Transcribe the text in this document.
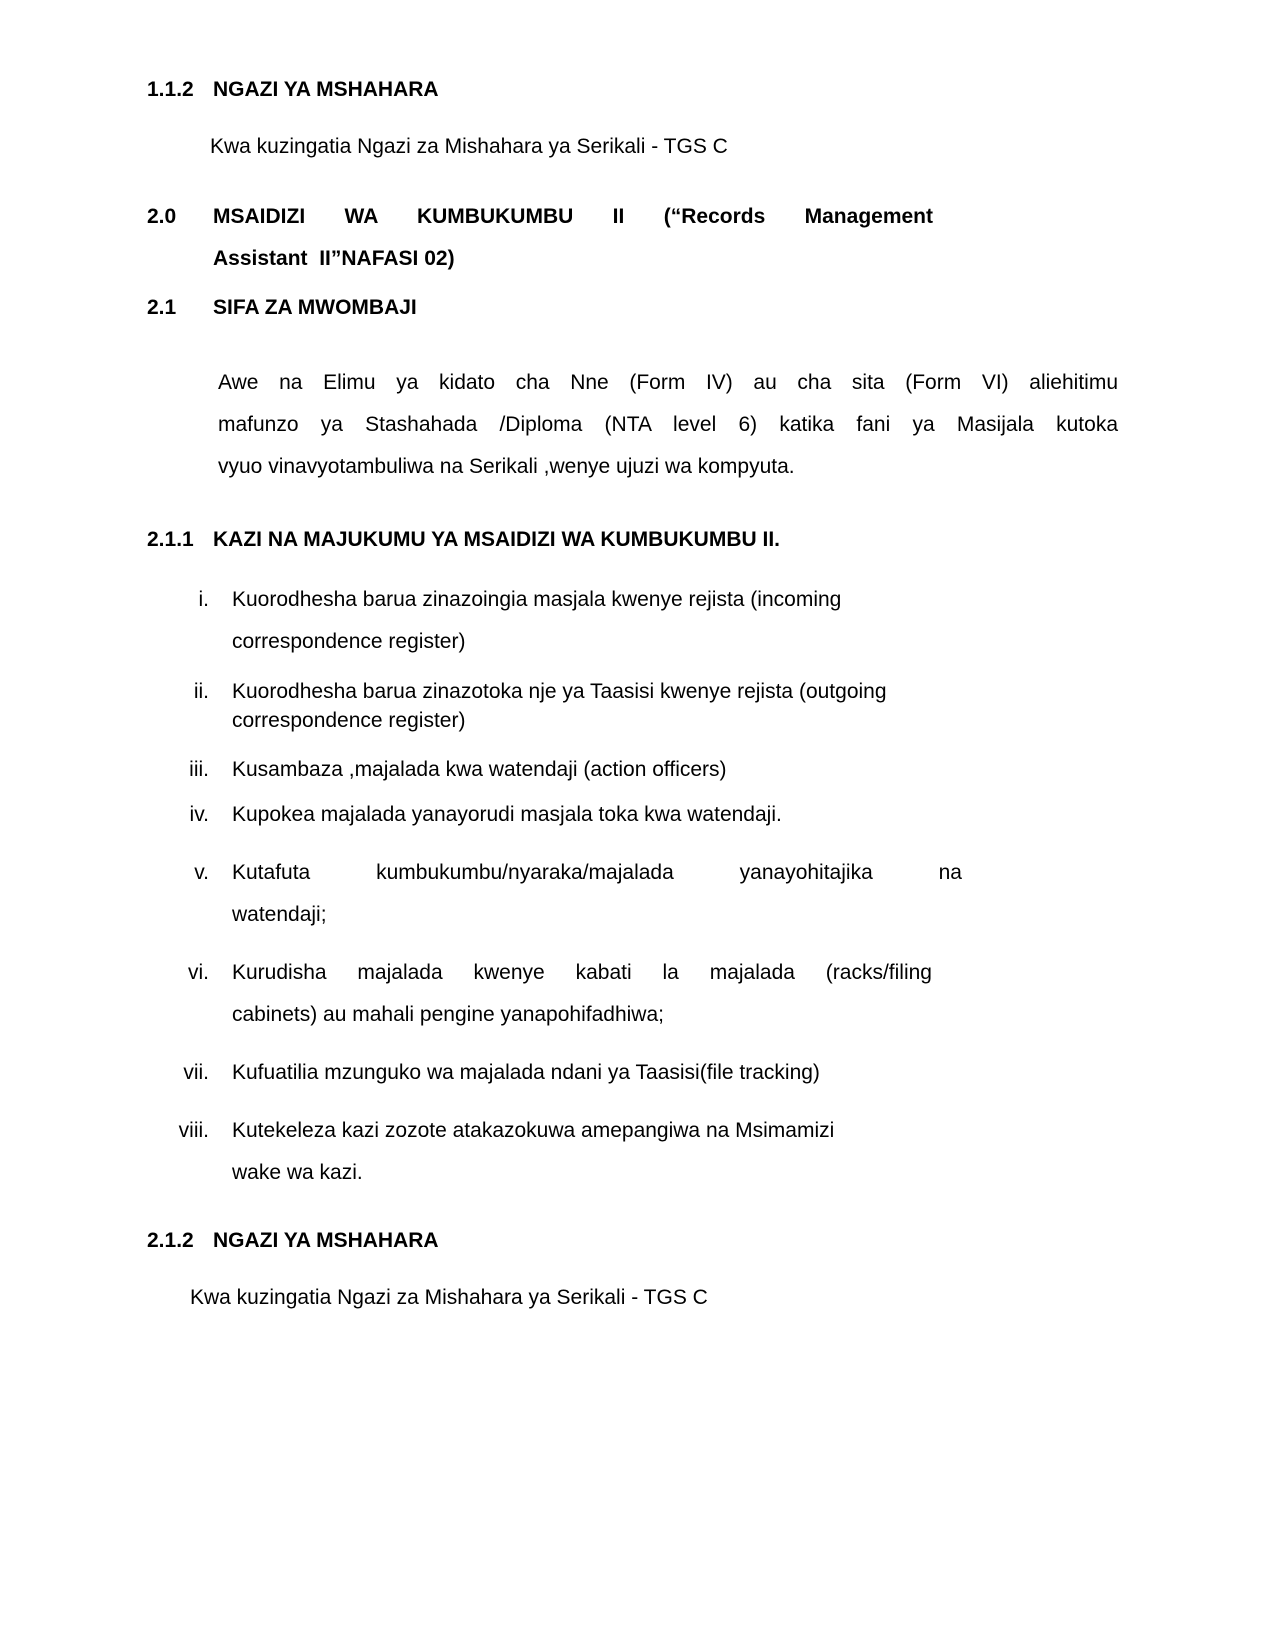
1.1.2 NGAZI YA MSHAHARA
Kwa kuzingatia Ngazi za Mishahara ya Serikali - TGS C
2.0	MSAIDIZI WA KUMBUKUMBU II (“Records Management
Assistant  II”NAFASI 02)
2.1	SIFA ZA MWOMBAJI
Awe na Elimu ya kidato cha Nne (Form IV) au cha sita (Form VI) aliehitimu
mafunzo ya Stashahada /Diploma (NTA level 6) katika fani ya Masijala kutoka
vyuo vinavyotambuliwa na Serikali ,wenye ujuzi wa kompyuta.
2.1.1 KAZI NA MAJUKUMU YA MSAIDIZI WA KUMBUKUMBU II.
i. Kuorodhesha barua zinazoingia masjala kwenye rejista (incoming
correspondence register)
ii. Kuorodhesha barua zinazotoka nje ya Taasisi kwenye rejista (outgoing
correspondence register)
iii. Kusambaza ,majalada kwa watendaji (action officers)
iv. Kupokea majalada yanayorudi masjala toka kwa watendaji.
v. Kutafuta kumbukumbu/nyaraka/majalada yanayohitajika na
watendaji;
vi. Kurudisha majalada kwenye kabati la majalada (racks/filing
cabinets) au mahali pengine yanapohifadhiwa;
vii. Kufuatilia mzunguko wa majalada ndani ya Taasisi(file tracking)
viii. Kutekeleza kazi zozote atakazokuwa amepangiwa na Msimamizi
wake wa kazi.
2.1.2 NGAZI YA MSHAHARA
Kwa kuzingatia Ngazi za Mishahara ya Serikali - TGS C
